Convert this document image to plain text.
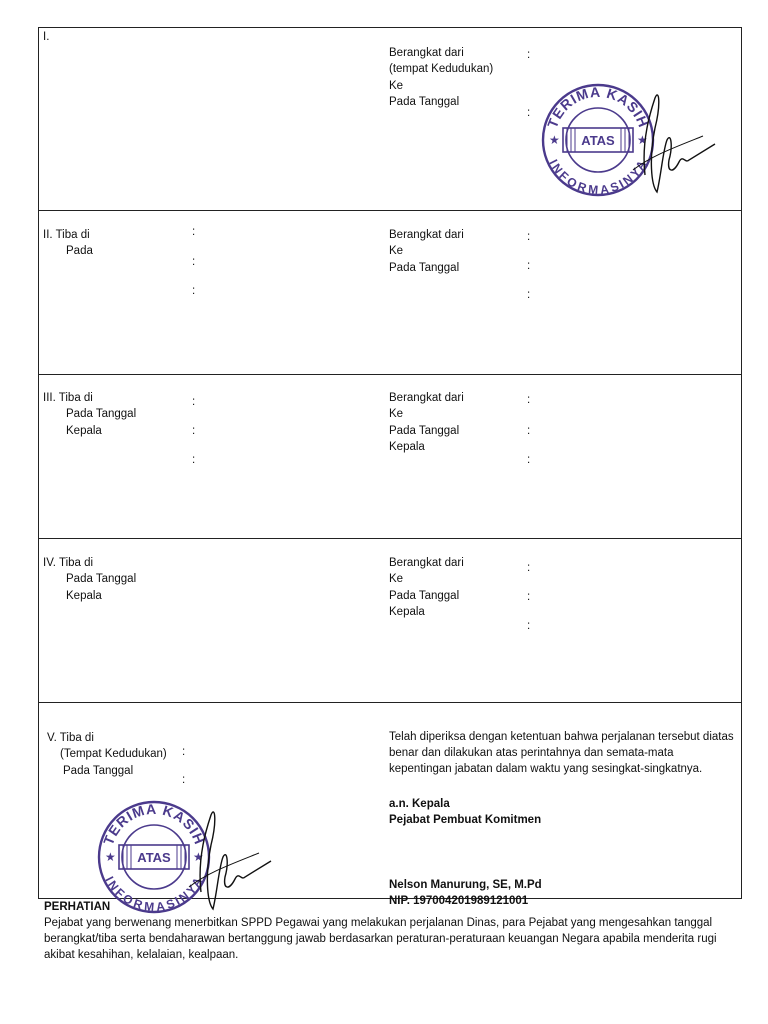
I.
Berangkat dari
(tempat Kedudukan)
Ke
Pada Tanggal
:
:
TERIMA KASIH
ATAS
INFORMASINYA
★	★
II. Tiba di
Pada
:
:
:
Berangkat dari
Ke
Pada Tanggal
:
:
:
III. Tiba di
Pada Tanggal
Kepala
:
:
:
Berangkat dari
Ke
Pada Tanggal
Kepala
:
:
:
IV. Tiba di
Pada Tanggal
Kepala
Berangkat dari
Ke
Pada Tanggal
Kepala
:
:
:
V. Tiba di
(Tempat Kedudukan)
Pada Tanggal
:
:
Telah diperiksa dengan ketentuan bahwa perjalanan tersebut diatas benar dan dilakukan atas perintahnya dan semata-mata kepentingan jabatan dalam waktu yang sesingkat-singkatnya.
a.n. Kepala
Pejabat Pembuat Komitmen
Nelson Manurung, SE, M.Pd
NIP. 197004201989121001
TERIMA KASIH
ATAS
INFORMASINYA
★	★
PERHATIAN
Pejabat yang berwenang menerbitkan SPPD Pegawai yang melakukan perjalanan Dinas, para Pejabat yang mengesahkan tanggal berangkat/tiba serta bendaharawan bertanggung jawab berdasarkan peraturan-peraturaan keuangan Negara apabila menderita rugi akibat kesahihan, kelalaian, kealpaan.
